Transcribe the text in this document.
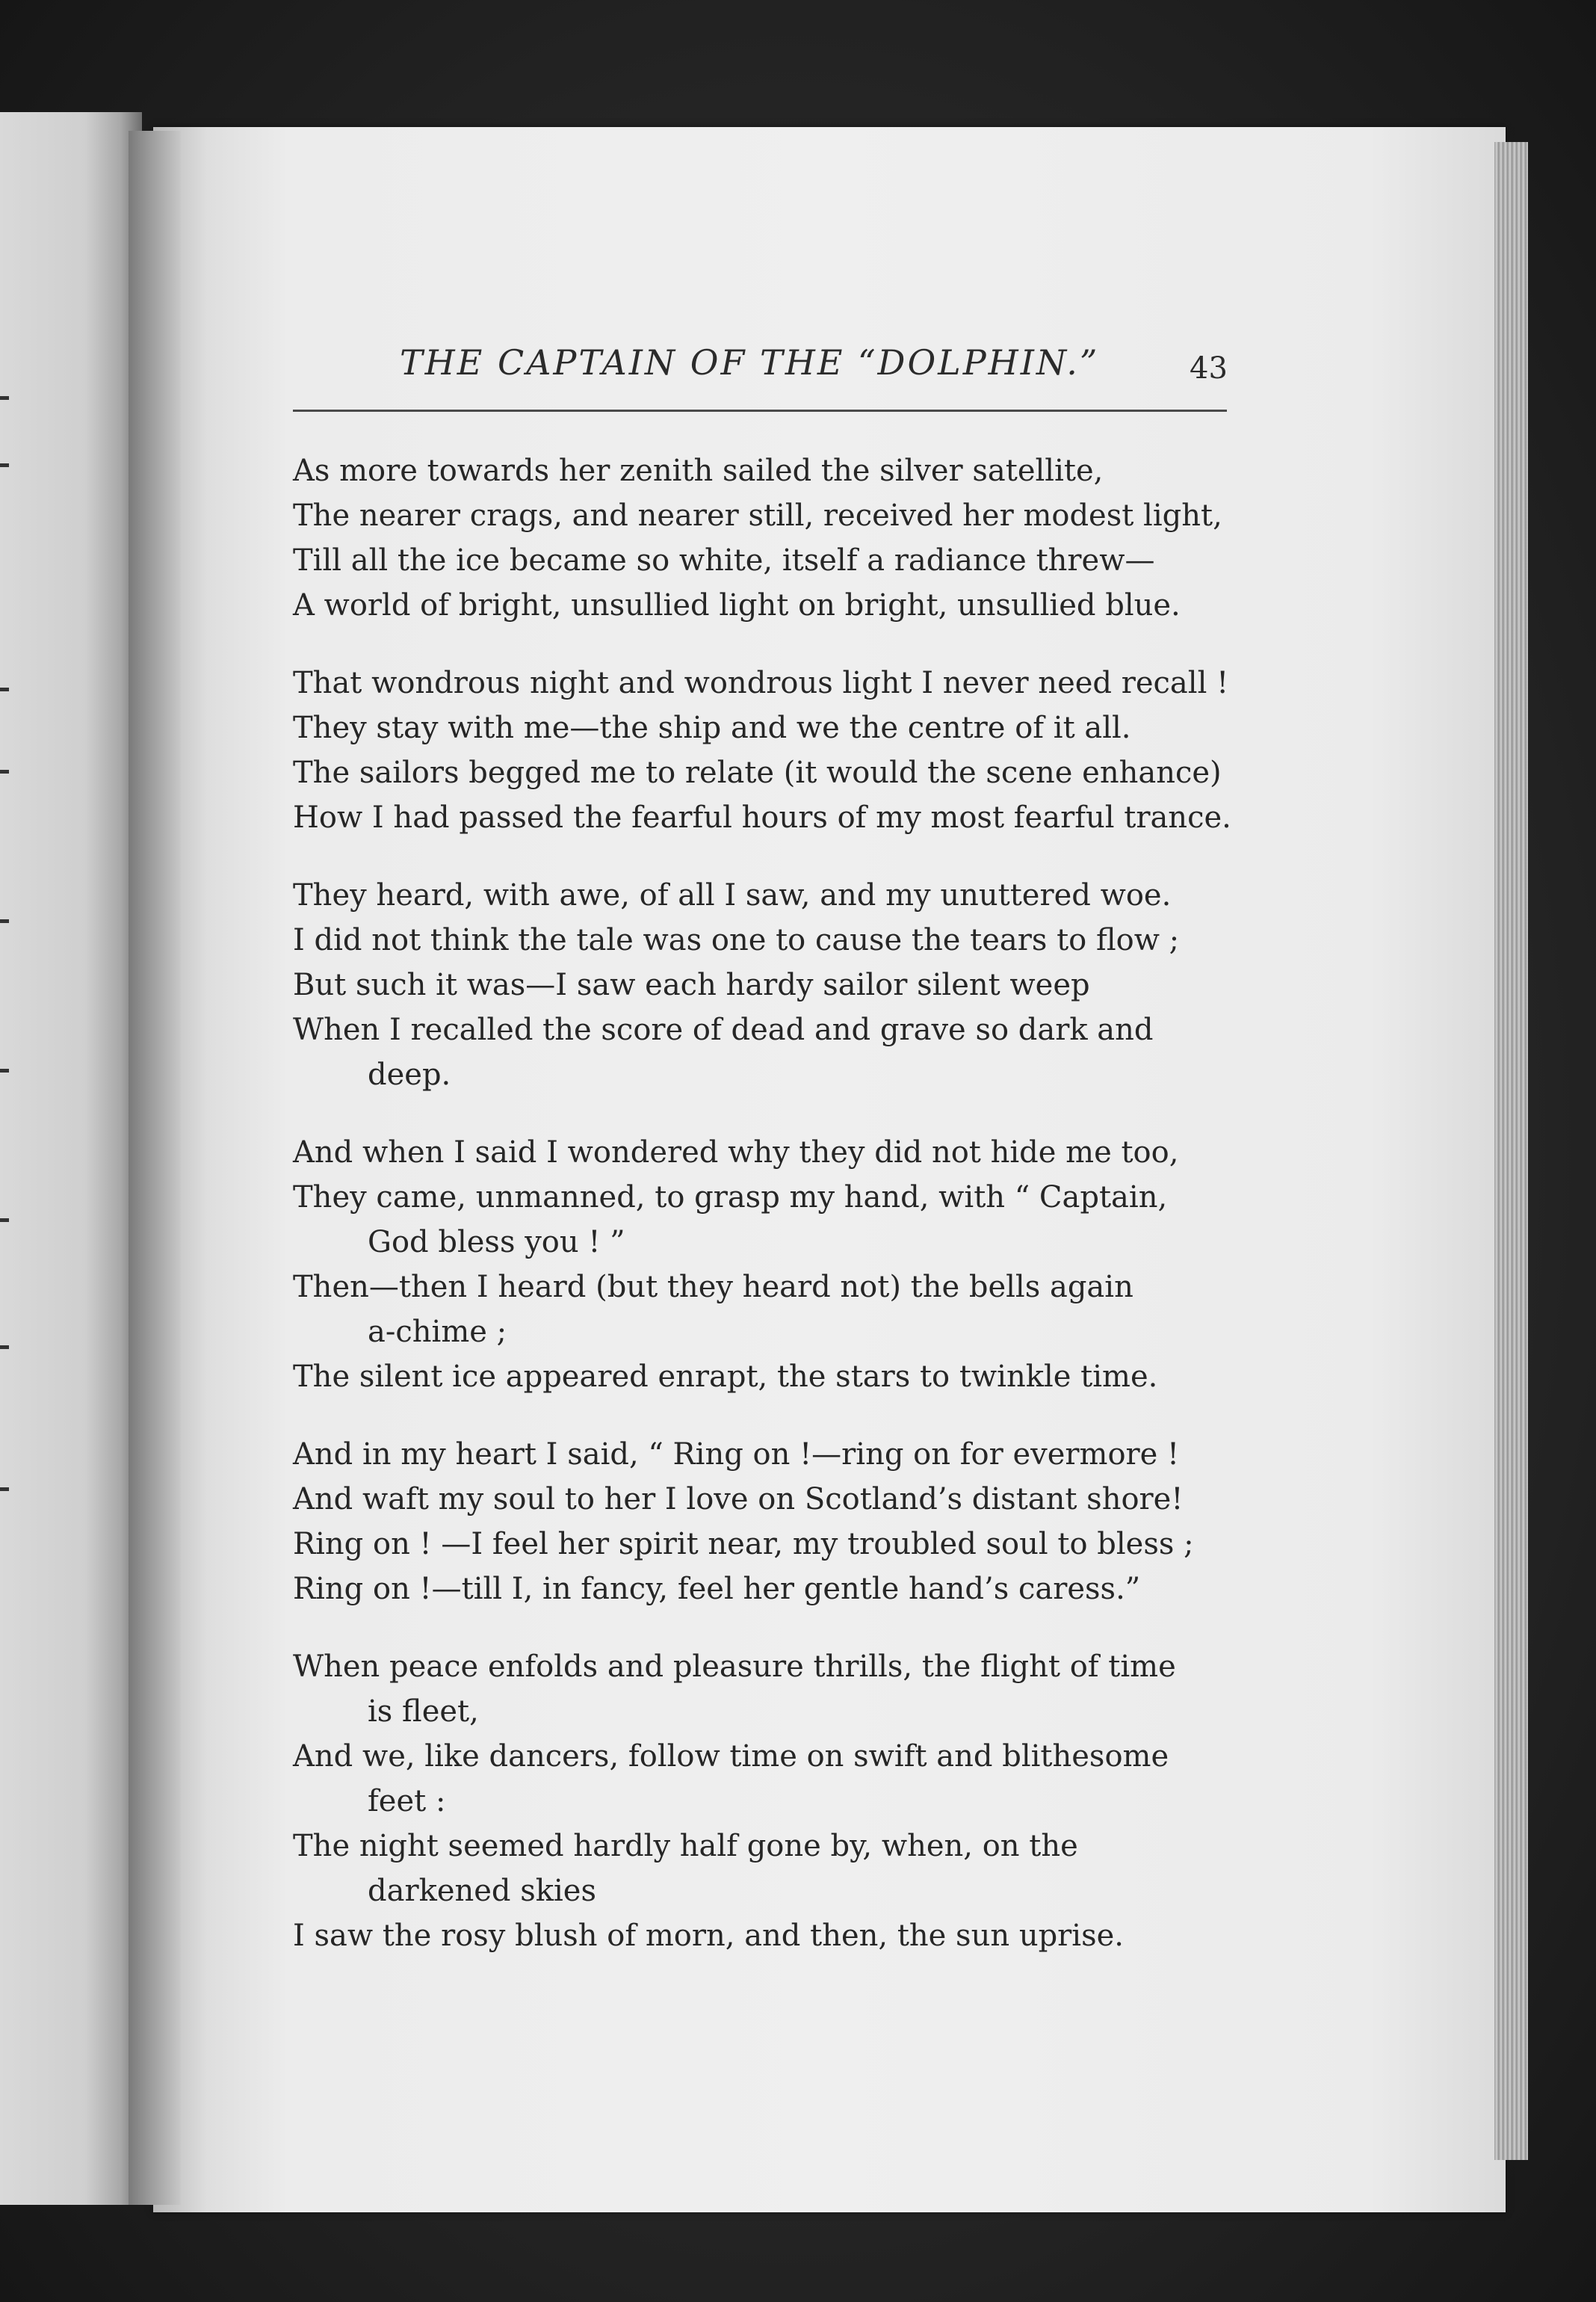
THE CAPTAIN OF THE “DOLPHIN.”	43
As more towards her zenith sailed the silver satellite,
The nearer crags, and nearer still, received her modest light,
Till all the ice became so white, itself a radiance threw—
A world of bright, unsullied light on bright, unsullied blue.
That wondrous night and wondrous light I never need recall !
They stay with me—the ship and we the centre of it all.
The sailors begged me to relate (it would the scene enhance)
How I had passed the fearful hours of my most fearful trance.
They heard, with awe, of all I saw, and my unuttered woe.
I did not think the tale was one to cause the tears to flow ;
But such it was—I saw each hardy sailor silent weep
When I recalled the score of dead and grave so dark and
deep.
And when I said I wondered why they did not hide me too,
They came, unmanned, to grasp my hand, with “ Captain,
God bless you ! ”
Then—then I heard (but they heard not) the bells again
a-chime ;
The silent ice appeared enrapt, the stars to twinkle time.
And in my heart I said, “ Ring on !—ring on for evermore !
And waft my soul to her I love on Scotland’s distant shore!
Ring on ! —I feel her spirit near, my troubled soul to bless ;
Ring on !—till I, in fancy, feel her gentle hand’s caress.”
When peace enfolds and pleasure thrills, the flight of time
is fleet,
And we, like dancers, follow time on swift and blithesome
feet :
The night seemed hardly half gone by, when, on the
darkened skies
I saw the rosy blush of morn, and then, the sun uprise.
